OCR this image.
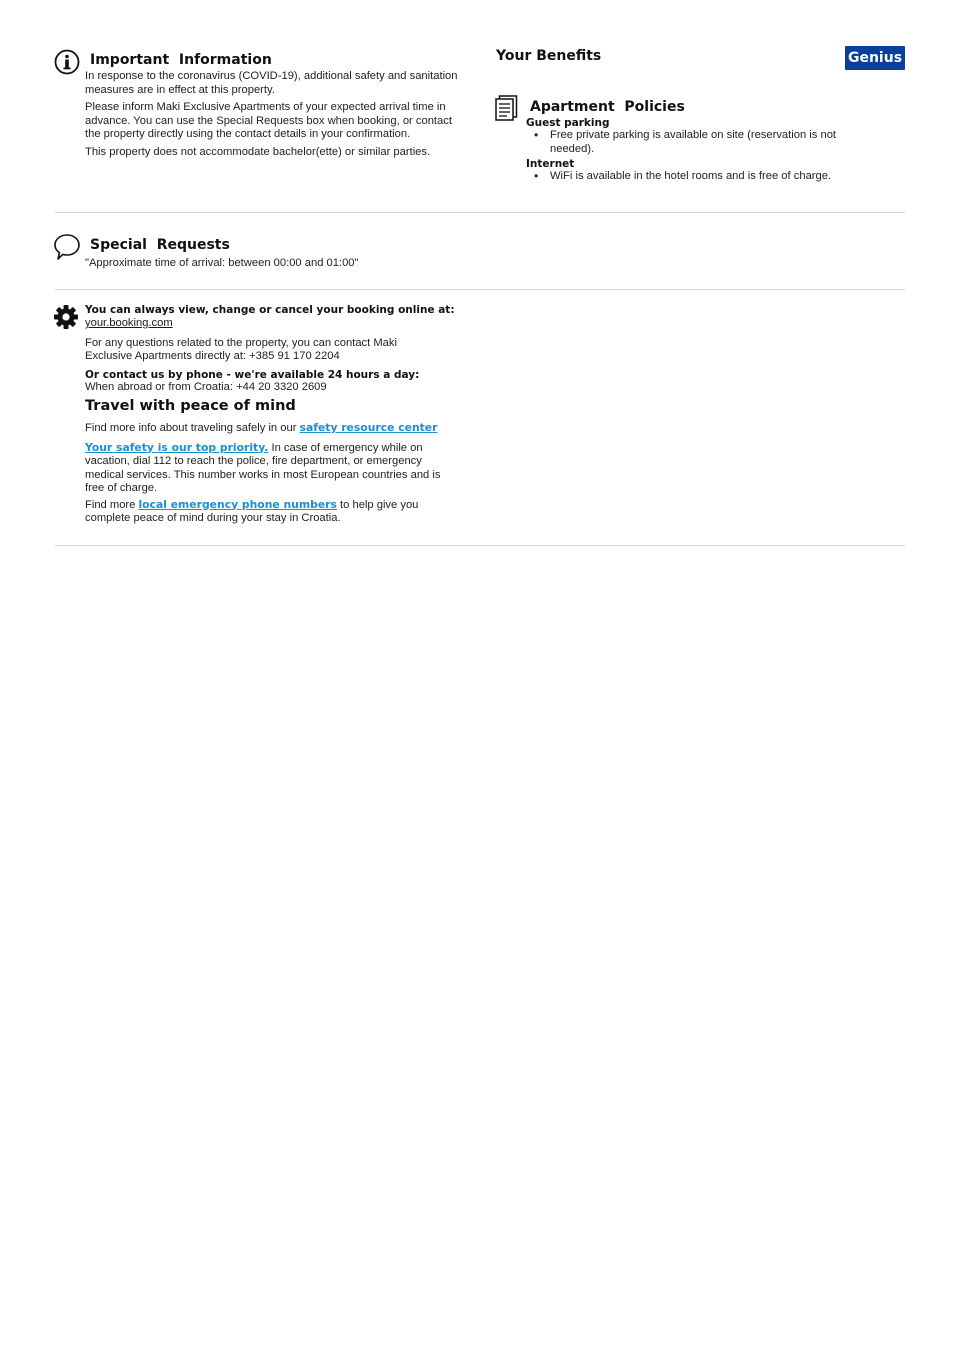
Important  Information

In response to the coronavirus (COVID-19), additional safety and sanitation measures are in effect at this property.

Please inform Maki Exclusive Apartments of your expected arrival time in advance. You can use the Special Requests box when booking, or contact the property directly using the contact details in your confirmation.

This property does not accommodate bachelor(ette) or similar parties.

Your Benefits	Genius
Apartment  Policies
Guest parking
• Free private parking is available on site (reservation is not needed).
Internet
• WiFi is available in the hotel rooms and is free of charge.
Special  Requests
"Approximate time of arrival: between 00:00 and 01:00"
You can always view, change or cancel your booking online at:
your.booking.com

For any questions related to the property, you can contact Maki Exclusive Apartments directly at: +385 91 170 2204

Or contact us by phone - we're available 24 hours a day:
When abroad or from Croatia: +44 20 3320 2609
Travel with peace of mind

Find more info about traveling safely in our safety resource center

Your safety is our top priority. In case of emergency while on vacation, dial 112 to reach the police, fire department, or emergency medical services. This number works in most European countries and is free of charge.

Find more local emergency phone numbers to help give you complete peace of mind during your stay in Croatia.
